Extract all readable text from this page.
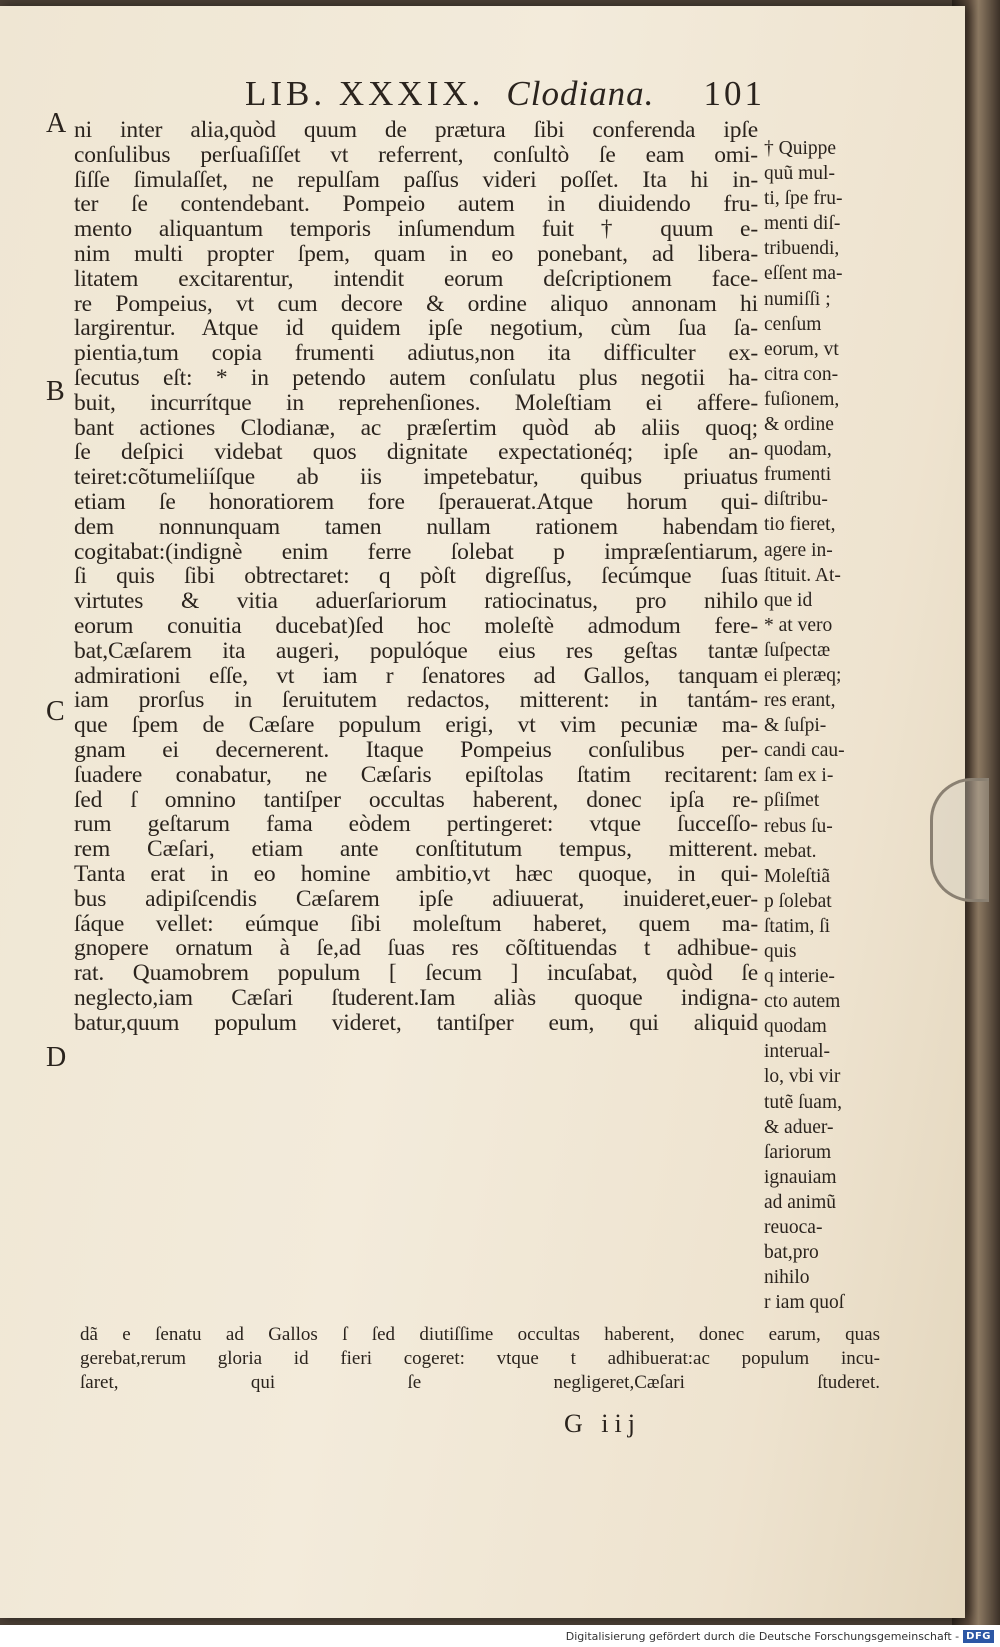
LIB. XXXIX. Clodiana. 101
A
B
C
D
ni inter alia,quòd quum de prætura ſibi conferenda ipſe
conſulibus perſuaſiſſet vt referrent, conſultò ſe eam omi-
ſiſſe ſimulaſſet, ne repulſam paſſus videri poſſet. Ita hi in-
ter ſe contendebant. Pompeio autem in diuidendo fru-
mento aliquantum temporis inſumendum fuit † quum e-
nim multi propter ſpem, quam in eo ponebant, ad libera-
litatem excitarentur, intendit eorum deſcriptionem face-
re Pompeius, vt cum decore & ordine aliquo annonam hi
largirentur. Atque id quidem ipſe negotium, cùm ſua ſa-
pientia,tum copia frumenti adiutus,non ita difficulter ex-
ſecutus eſt: * in petendo autem conſulatu plus negotii ha-
buit, incurrítque in reprehenſiones. Moleſtiam ei affere-
bant actiones Clodianæ, ac præſertim quòd ab aliis quoq;
ſe deſpici videbat quos dignitate expectationéq; ipſe an-
teiret:cõtumeliíſque ab iis impetebatur, quibus priuatus
etiam ſe honoratiorem fore ſperauerat.Atque horum qui-
dem nonnunquam tamen nullam rationem habendam
cogitabat:(indignè enim ferre ſolebat p impræſentiarum,
ſi quis ſibi obtrectaret: q pòſt digreſſus, ſecúmque ſuas
virtutes & vitia aduerſariorum ratiocinatus, pro nihilo
eorum conuitia ducebat)ſed hoc moleſtè admodum fere-
bat,Cæſarem ita augeri, populóque eius res geſtas tantæ
admirationi eſſe, vt iam r ſenatores ad Gallos, tanquam
iam prorſus in ſeruitutem redactos, mitterent: in tantám-
que ſpem de Cæſare populum erigi, vt vim pecuniæ ma-
gnam ei decernerent. Itaque Pompeius conſulibus per-
ſuadere conabatur, ne Cæſaris epiſtolas ſtatim recitarent:
ſed ſ omnino tantiſper occultas haberent, donec ipſa re-
rum geſtarum fama eòdem pertingeret: vtque ſucceſſo-
rem Cæſari, etiam ante conſtitutum tempus, mitterent.
Tanta erat in eo homine ambitio,vt hæc quoque, in qui-
bus adipiſcendis Cæſarem ipſe adiuuerat, inuideret,euer-
ſáque vellet: eúmque ſibi moleſtum haberet, quem ma-
gnopere ornatum à ſe,ad ſuas res cõſtituendas t adhibue-
rat. Quamobrem populum [ ſecum ] incuſabat, quòd ſe
neglecto,iam Cæſari ſtuderent.Iam aliàs quoque indigna-
batur,quum populum videret, tantiſper eum, qui aliquid
† Quippe
quũ mul-
ti, ſpe fru-
menti diſ-
tribuendi,
eſſent ma-
numiſſi ;
cenſum
eorum, vt
citra con-
fuſionem,
& ordine
quodam,
frumenti
diſtribu-
tio fieret,
agere in-
ſtituit. At-
que id
* at vero
ſuſpectæ
ei pleræq;
res erant,
& ſuſpi-
candi cau-
ſam ex i-
pſiſmet
rebus ſu-
mebat.
Moleſtiã
p ſolebat
ſtatim, ſi
quis
q interie-
cto autem
quodam
interual-
lo, vbi vir
tutẽ ſuam,
& aduer-
ſariorum
ignauiam
ad animũ
reuoca-
bat,pro
nihilo
r iam quoſ
dã e ſenatu ad Gallos ſ ſed diutiſſime occultas haberent, donec earum, quas
gerebat,rerum gloria id fieri cogeret: vtque t adhibuerat:ac populum incu-
ſaret, qui ſe negligeret,Cæſari ſtuderet.
G iij
Digitalisierung gefördert durch die Deutsche Forschungsgemeinschaft - DFG
